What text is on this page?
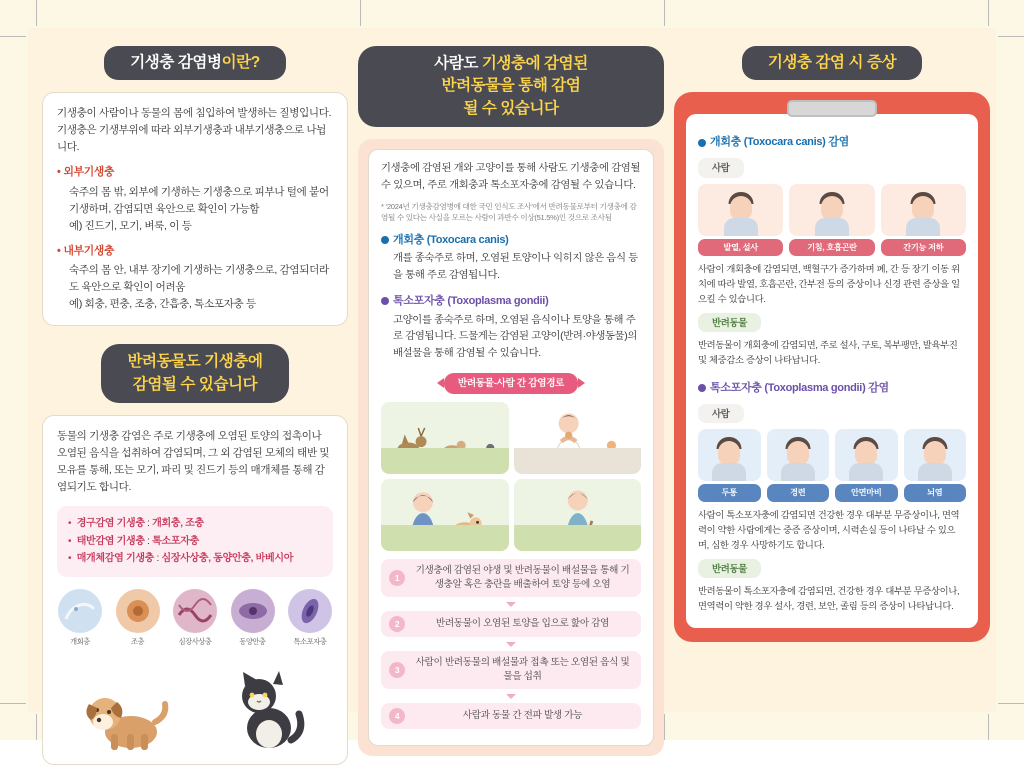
기생충 감염병이란?

기생충이 사람이나 동물의 몸에 침입하여 발생하는 질병입니다. 기생충은 기생부위에 따라 외부기생충과 내부기생충으로 나뉩니다.

• 외부기생충
숙주의 몸 밖, 외부에 기생하는 기생충으로 피부나 털에 붙어 기생하며, 감염되면 육안으로 확인이 가능함
예) 진드기, 모기, 벼룩, 이 등
• 내부기생충
숙주의 몸 안, 내부 장기에 기생하는 기생충으로, 감염되더라도 육안으로 확인이 어려움
예) 회충, 편충, 조충, 간흡충, 톡소포자충 등
반려동물도 기생충에
감염될 수 있습니다

동물의 기생충 감염은 주로 기생충에 오염된 토양의 접촉이나 오염된 음식을 섭취하여 감염되며, 그 외 감염된 모체의 태반 및 모유를 통해, 또는 모기, 파리 및 진드기 등의 매개체를 통해 감염되기도 합니다.

• 경구감염 기생충 : 개회충, 조충
• 태반감염 기생충 : 톡소포자충
• 매개체감염 기생충 : 심장사상충, 동양안충, 바베시아
개회충	조충	심장사상충	동양안충	톡소포자충
사람도 기생충에 감염된
반려동물을 통해 감염
될 수 있습니다

기생충에 감염된 개와 고양이를 통해 사람도 기생충에 감염될 수 있으며, 주로 개회충과 톡소포자충에 감염될 수 있습니다.

* ‘2024년 기생충감염병에 대한 국민 인식도 조사’에서 반려동물로부터 기생충에 감염될 수 있다는 사실을 모르는 사람이 과반수 이상(51.5%)인 것으로 조사됨
개회충 (Toxocara canis)
개를 종숙주로 하며, 오염된 토양이나 익히지 않은 음식 등을 통해 주로 감염됩니다.
톡소포자충 (Toxoplasma gondii)
고양이를 종숙주로 하며, 오염된 음식이나 토양을 통해 주로 감염됩니다. 드물게는 감염된 고양이(반려·야생동물)의 배설물을 통해 감염될 수 있습니다.
반려동물-사람 간 감염경로
1
기생충에 감염된 야생 및 반려동물이 배설물을 통해 기생충알 혹은 충란을 배출하여 토양 등에 오염
2	반려동물이 오염된 토양을 입으로 핥아 감염
3
사람이 반려동물의 배설물과 접촉 또는 오염된 음식 및 물을 섭취
4	사람과 동물 간 전파 발생 가능
기생충 감염 시 증상
개회충 (Toxocara canis) 감염
사람
발열, 설사	기침, 호흡곤란	간기능 저하
사람이 개회충에 감염되면, 백혈구가 증가하며 폐, 간 등 장기 이동 위치에 따라 발열, 호흡곤란, 간부전 등의 증상이나 신경 관련 증상을 일으킬 수 있습니다.
반려동물
반려동물이 개회충에 감염되면, 주로 설사, 구토, 복부팽만, 발육부진 및 체중감소 증상이 나타납니다.
톡소포자충 (Toxoplasma gondii) 감염
사람
두통	경련	안면마비	뇌염
사람이 톡소포자충에 감염되면 건강한 경우 대부분 무증상이나, 면역력이 약한 사람에게는 중증 증상이며, 시력손실 등이 나타날 수 있으며, 심한 경우 사망하기도 합니다.
반려동물
반려동물이 톡소포자충에 감염되면, 건강한 경우 대부분 무증상이나, 면역력이 약한 경우 설사, 경련, 보안, 졸림 등의 증상이 나타납니다.
